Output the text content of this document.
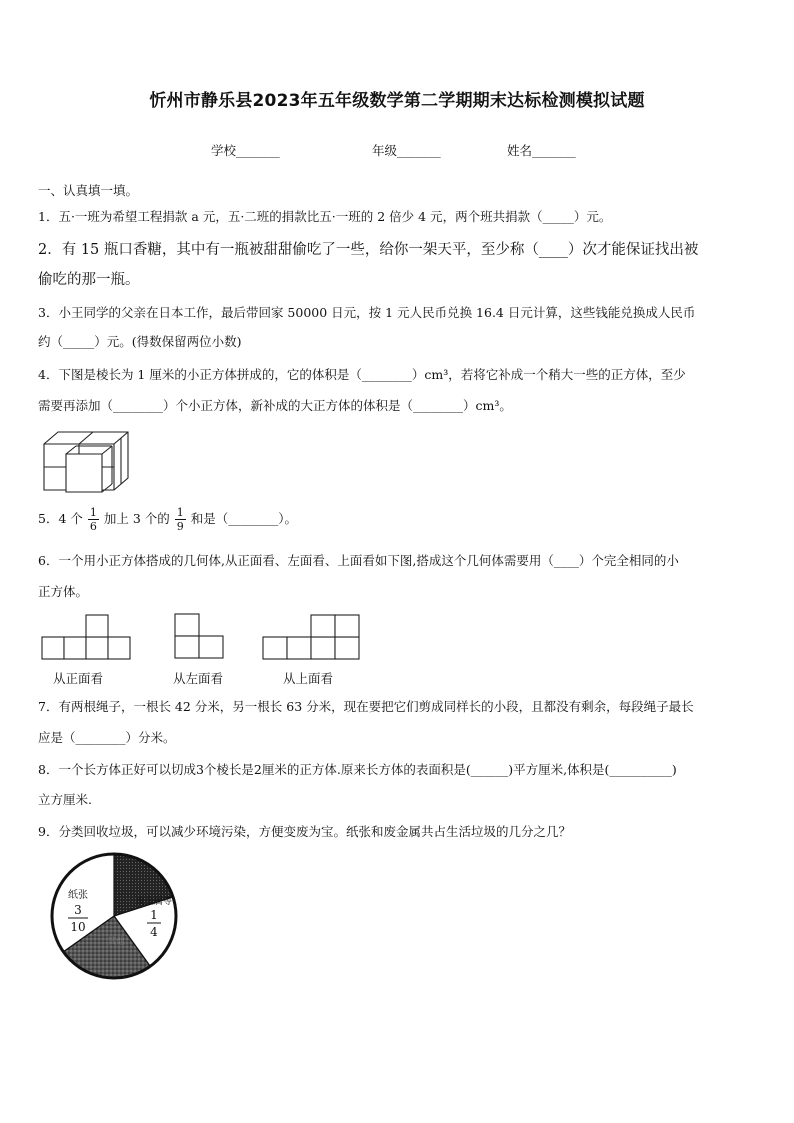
忻州市静乐县2023年五年级数学第二学期期末达标检测模拟试题
学校_______	年级_______	姓名_______
一、认真填一填。
1．五·一班为希望工程捐款 a 元，五·二班的捐款比五·一班的 2 倍少 4 元，两个班共捐款（_____）元。
2．有 15 瓶口香糖，其中有一瓶被甜甜偷吃了一些，给你一架天平，至少称（____）次才能保证找出被
偷吃的那一瓶。
3．小王同学的父亲在日本工作，最后带回家 50000 日元，按 1 元人民币兑换 16.4 日元计算，这些钱能兑换成人民币
约（_____）元。(得数保留两位小数)
4．下图是棱长为 1 厘米的小正方体拼成的，它的体积是（________）cm³，若将它补成一个稍大一些的正方体，至少
需要再添加（________）个小正方体，新补成的大正方体的体积是（________）cm³。
5．4 个 $\frac{1}{6}$ 加上 3 个的 $\frac{1}{9}$ 和是（________）。
6．一个用小正方体搭成的几何体,从正面看、左面看、上面看如下图,搭成这个几何体需要用（____）个完全相同的小
正方体。
从正面看	从左面看	从上面看
7．有两根绳子，一根长 42 分米，另一根长 63 分米，现在要把它们剪成同样长的小段，且都没有剩余，每段绳子最长
应是（________）分米。
8．一个长方体正好可以切成3个棱长是2厘米的正方体.原来长方体的表面积是(______)平方厘米,体积是(__________)
立方厘米.
9．分类回收垃圾，可以减少环境污染，方便变废为宝。纸张和废金属共占生活垃圾的几分之几？
纸张
3
10
废金属等
1
4
其他
